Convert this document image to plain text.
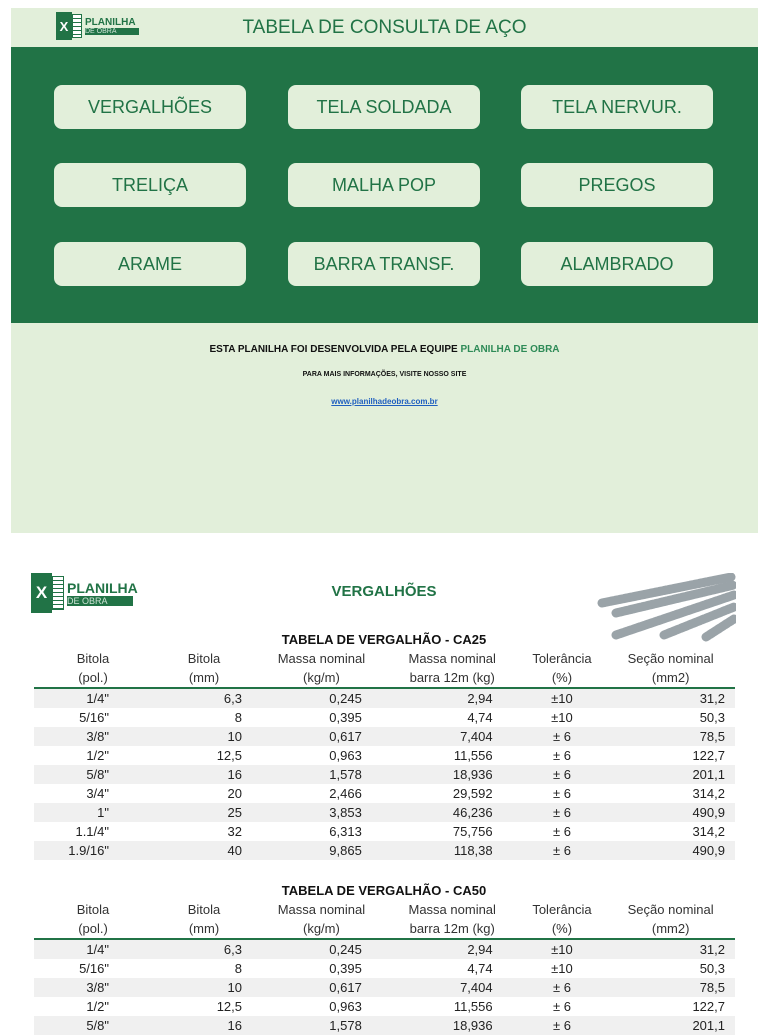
X	PLANILHA
DE OBRA	TABELA DE CONSULTA DE AÇO
VERGALHÕES	TELA SOLDADA	TELA NERVUR.
TRELIÇA	MALHA POP	PREGOS
ARAME	BARRA TRANSF.	ALAMBRADO
ESTA PLANILHA FOI DESENVOLVIDA PELA EQUIPE PLANILHA DE OBRA
PARA MAIS INFORMAÇÕES, VISITE NOSSO SITE
www.planilhadeobra.com.br
X	PLANILHA
DE OBRA
VERGALHÕES
TABELA DE VERGALHÃO - CA25
Bitola	Bitola	Massa nominal	Massa nominal	Tolerância	Seção nominal
(pol.)	(mm)	(kg/m)	barra 12m (kg)	(%)	(mm2)
1/4"	6,3	0,245	2,94	±10	31,2
5/16"	8	0,395	4,74	±10	50,3
3/8"	10	0,617	7,404	± 6	78,5
1/2"	12,5	0,963	11,556	± 6	122,7
5/8"	16	1,578	18,936	± 6	201,1
3/4"	20	2,466	29,592	± 6	314,2
1"	25	3,853	46,236	± 6	490,9
1.1/4"	32	6,313	75,756	± 6	314,2
1.9/16"	40	9,865	118,38	± 6	490,9
TABELA DE VERGALHÃO - CA50
Bitola	Bitola	Massa nominal	Massa nominal	Tolerância	Seção nominal
(pol.)	(mm)	(kg/m)	barra 12m (kg)	(%)	(mm2)
1/4"	6,3	0,245	2,94	±10	31,2
5/16"	8	0,395	4,74	±10	50,3
3/8"	10	0,617	7,404	± 6	78,5
1/2"	12,5	0,963	11,556	± 6	122,7
5/8"	16	1,578	18,936	± 6	201,1
